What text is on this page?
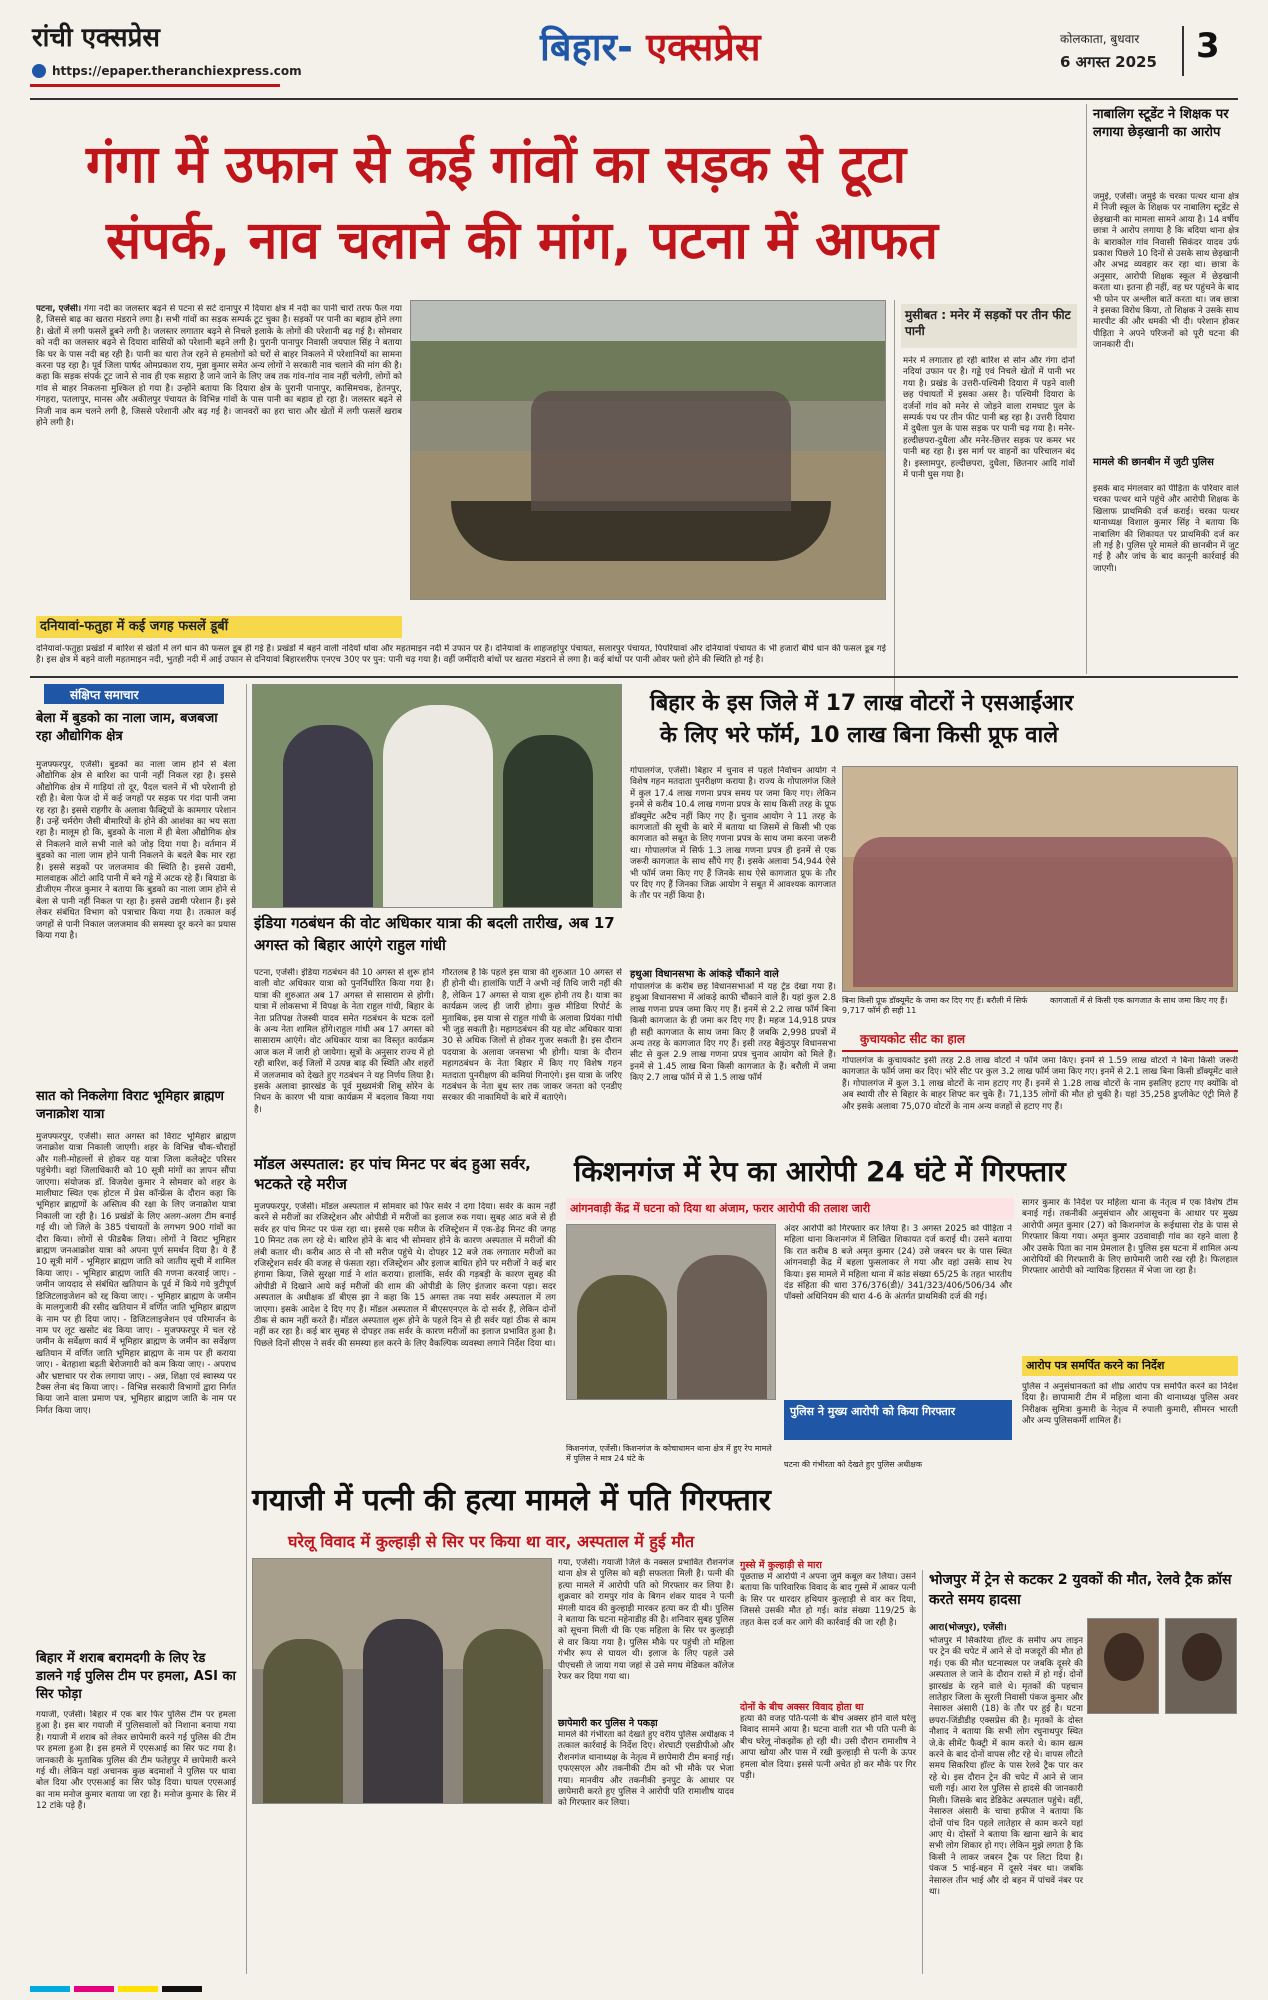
रांची एक्सप्रेस
https://epaper.theranchiexpress.com
बिहार- एक्सप्रेस	कोलकाता, बुधवार
6 अगस्त 2025 3
गंगा में उफान से कई गांवों का सड़क से टूटा
संपर्क, नाव चलाने की मांग, पटना में आफत
पटना, एजेंसी। गंगा नदी का जलस्तर बढ़ने से पटना से सटे दानापुर में दियारा क्षेत्र में नदी का पानी चारों तरफ फैल गया है, जिससे बाढ़ का खतरा मंडराने लगा है। सभी गांवों का सड़क सम्पर्क टूट चुका है। सड़कों पर पानी का बहाव होने लगा है। खेतों में लगी फसलें डूबने लगी है। जलस्तर लगातार बढ़ने से निचले इलाके के लोगों की परेशानी बढ़ गई है। सोमवार को नदी का जलस्तर बढ़ने से दियारा वासियों को परेशानी बढ़ने लगी है। पुरानी पानापुर निवासी जयपाल सिंह ने बताया कि घर के पास नदी बह रही है। पानी का धारा तेज रहने से हमलोगों को घरों से बाहर निकलने में परेशानियों का सामना करना पड़ रहा है। पूर्व जिला पार्षद ओमप्रकाश राय, मुन्ना कुमार समेत अन्य लोगों ने सरकारी नाव चलाने की मांग की है। कहा कि सड़क संपर्क टूट जाने से नाव ही एक सहारा है जाने जाने के लिए जब तक गांव-गांव नाव नहीं चलेगी, लोगों को गांव से बाहर निकलना मुश्किल हो गया है। उन्होंने बताया कि दियारा क्षेत्र के पुरानी पानापुर, कासिमचक, हेतनपुर, गंगहरा, पतलापुर, मानस और अकीलपुर पंचायत के विभिन्न गांवों के पास पानी का बहाव हो रहा है। जलस्तर बढ़ने से निजी नाव कम चलने लगी है, जिससे परेशानी और बढ़ गई है। जानवरों का हरा चारा और खेतों में लगी फसलें खराब होने लगी है।
दनियावां-फतुहा में कई जगह फसलें डूबीं
दनियावां-फतुहा प्रखंडों में बारिश से खेतों में लगे धान की फसल डूब ही गई है। प्रखंडों में बहने वाली नदियों धोवा और महतमाइन नदी में उफान पर है। दनियावां के शाहजहांपुर पंचायत, सलारपुर पंचायत, पिपरियावां और दनियावां पंचायत के भी हजारों बीघे धान की फसल डूब गई है। इस क्षेत्र में बहने वाली महतमाइन नदी, भुतही नदी में आई उफान से दनियावां बिहारशरीफ एनएच 30ए पर पुन: पानी चढ़ गया है। वहीं जमींदारी बांधों पर खतरा मंडराने से लगा है। कई बांधों पर पानी ओवर फ्लो होने की स्थिति हो गई है।
मुसीबत : मनेर में सड़कों पर तीन फीट पानी
मनेर में लगातार हो रही बारिश से सोन और गंगा दोनों नदियां उफान पर है। गड्ढे एवं निचले खेतों में पानी भर गया है। प्रखंड के उत्तरी-पश्चिमी दियारा में पड़ने वाली छह पंचायतों में इसका असर है। पश्चिमी दियारा के दर्जनों गांव को मनेर से जोड़ने वाला रामघाट पुल के सम्पर्क पथ पर तीन फीट पानी बह रहा है। उत्तरी दियारा में दुधैला पुल के पास सड़क पर पानी चढ़ गया है। मनेर-हल्दीछपरा-दुधैला और मनेर-छित्तर सड़क पर कमर भर पानी बह रहा है। इस मार्ग पर वाहनों का परिचालन बंद है। इस्लामपुर, हल्दीछपरा, दुधैला, छितनार आदि गांवों में पानी घुस गया है।
नाबालिग स्टूडेंट ने शिक्षक पर लगाया छेड़खानी का आरोप
जमुई, एजेंसी। जमुई के चरका पत्थर थाना क्षेत्र में निजी स्कूल के शिक्षक पर नाबालिग स्टूडेंट से छेड़खानी का मामला सामने आया है। 14 वर्षीय छात्रा ने आरोप लगाया है कि बदिया थाना क्षेत्र के बाराकोल गांव निवासी सिकंदर यादव उर्फ प्रकाश पिछले 10 दिनों से उसके साथ छेड़खानी और अभद्र व्यवहार कर रहा था। छात्रा के अनुसार, आरोपी शिक्षक स्कूल में छेड़खानी करता था। इतना ही नहीं, वह घर पहुंचने के बाद भी फोन पर अश्लील बातें करता था। जब छात्रा ने इसका विरोध किया, तो शिक्षक ने उसके साथ मारपीट की और धमकी भी दी। परेशान होकर पीड़िता ने अपने परिजनों को पूरी घटना की जानकारी दी।
मामले की छानबीन में जुटी पुलिस
इसके बाद मंगलवार को पीड़िता के परिवार वाले चरका पत्थर थाने पहुंचे और आरोपी शिक्षक के खिलाफ प्राथमिकी दर्ज कराई। चरका पत्थर थानाध्यक्ष विशाल कुमार सिंह ने बताया कि नाबालिग की शिकायत पर प्राथमिकी दर्ज कर ली गई है। पुलिस पूरे मामले की छानबीन में जुट गई है और जांच के बाद कानूनी कार्रवाई की जाएगी।
संक्षिप्त समाचार
बेला में बुडको का नाला जाम, बजबजा रहा औद्योगिक क्षेत्र
मुजफ्फरपुर, एजेंसी। बुडको का नाला जाम होने से बेला औद्योगिक क्षेत्र से बारिश का पानी नहीं निकल रहा है। इससे औद्योगिक क्षेत्र में गाड़ियां तो दूर, पैदल चलने में भी परेशानी हो रही है। बेला फेज दो में कई जगहों पर सड़क पर गंदा पानी जमा रह रहा है। इससे राहगीर के अलावा फैक्ट्रियों के कामगार परेशान हैं। उन्हें चर्मरोग जैसी बीमारियों के होने की आशंका का भय सता रहा है। मालूम हो कि, बुडको के नाला में ही बेला औद्योगिक क्षेत्र से निकलने वाले सभी नाले को जोड़ दिया गया है। वर्तमान में बुडको का नाला जाम होने पानी निकलने के बदले बैक मार रहा है। इससे सड़कों पर जलजमाव की स्थिति है। इससे उद्यमी, मालवाहक ऑटो आदि पानी में बने गड्ढे में अटक रहे हैं। बियाडा के डीजीएम नीरज कुमार ने बताया कि बुडको का नाला जाम होने से बेला से पानी नहीं निकल पा रहा है। इससे उद्यमी परेशान हैं। इसे लेकर संबंधित विभाग को पत्राचार किया गया है। तत्काल कई जगहों से पानी निकाल जलजमाव की समस्या दूर करने का प्रयास किया गया है।
सात को निकलेगा विराट भूमिहार ब्राह्मण जनाक्रोश यात्रा
मुजफ्फरपुर, एजेंसी। सात अगस्त को विराट भूमिहार ब्राह्मण जनाक्रोश यात्रा निकाली जाएगी। शहर के विभिन्न चौक-चौराहों और गली-मोहल्लों से होकर यह यात्रा जिला कलेक्ट्रेट परिसर पहुंचेगी। वहां जिलाधिकारी को 10 सूत्री मांगों का ज्ञापन सौंपा जाएगा। संयोजक डॉ. विजयेश कुमार ने सोमवार को शहर के मालीघाट स्थित एक होटल में प्रेस कॉन्फ्रेंस के दौरान कहा कि भूमिहार ब्राह्मणों के अस्तित्व की रक्षा के लिए जनाक्रोश यात्रा निकाली जा रही है। 16 प्रखंडों के लिए अलग-अलग टीम बनाई गई थी। जो जिले के 385 पंचायतों के लगभग 900 गांवों का दौरा किया। लोगों से फीडबैक लिया। लोगों ने विराट भूमिहार ब्राह्मण जनआक्रोश यात्रा को अपना पूर्ण समर्थन दिया है। ये हैं 10 सूत्री मांगें - भूमिहार ब्राह्मण जाति को जातीय सूची में शामिल किया जाए। - भूमिहार ब्राह्मण जाति की गणना करवाई जाए। - जमीन जायदाद से संबंधित खतियान के पूर्व में किये गये त्रुटीपूर्ण डिजिटलाइजेशन को रद्द किया जाए। - भूमिहार ब्राह्मण के जमीन के मालगुजारी की रसीद खतियान में वर्णित जाति भूमिहार ब्राह्मण के नाम पर ही दिया जाए। - डिजिटलाइजेशन एवं परिमार्जन के नाम पर लूट खसोट बंद किया जाए। - मुजफ्फरपुर में चल रहे जमीन के सर्वेक्षण कार्य में भूमिहार ब्राह्मण के जमीन का सर्वेक्षण खतियान में वर्णित जाति भूमिहार ब्राह्मण के नाम पर ही कराया जाए। - बेतहाशा बढ़ती बेरोजगारी को कम किया जाए। - अपराध और भ्रष्टाचार पर रोक लगाया जाए। - अन्न, शिक्षा एवं स्वास्थ्य पर टैक्स लेना बंद किया जाए। - विभिन्न सरकारी विभागों द्वारा निर्गत किया जाने वाला प्रमाण पत्र, भूमिहार ब्राह्मण जाति के नाम पर निर्गत किया जाए।
बिहार में शराब बरामदगी के लिए रेड डालने गई पुलिस टीम पर हमला, ASI का सिर फोड़ा
गयाजी, एजेंसी। बिहार में एक बार फिर पुलिस टीम पर हमला हुआ है। इस बार गयाजी में पुलिसवालों को निशाना बनाया गया है। गयाजी में शराब को लेकर छापेमारी करने गई पुलिस की टीम पर हमला हुआ है। इस हमले में एएसआई का सिर फट गया है। जानकारी के मुताबिक पुलिस की टीम फतेहपुर में छापेमारी करने गई थी। लेकिन यहां अचानक कुछ बदमाशों ने पुलिस पर धावा बोल दिया और एएसआई का सिर फोड़ दिया। घायल एएसआई का नाम मनोज कुमार बताया जा रहा है। मनोज कुमार के सिर में 12 टांके पड़े हैं।
इंडिया गठबंधन की वोट अधिकार यात्रा की बदली तारीख, अब 17 अगस्त को बिहार आएंगे राहुल गांधी
पटना, एजेंसी। इंडिया गठबंधन की 10 अगस्त से शुरू होने वाली वोट अधिकार यात्रा को पुनर्निर्धारित किया गया है। यात्रा की शुरुआत अब 17 अगस्त से सासाराम से होगी। यात्रा में लोकसभा में विपक्ष के नेता राहुल गांधी, बिहार के नेता प्रतिपक्ष तेजस्वी यादव समेत गठबंधन के घटक दलों के अन्य नेता शामिल होंगे।राहुल गांधी अब 17 अगस्त को सासाराम आएंगे। वोट अधिकार यात्रा का विस्तृत कार्यक्रम आज कल में जारी हो जायेगा। सूत्रों के अनुसार राज्य में हो रही बारिश, कई जिलों में उत्पन्न बाढ़ की स्थिति और शहरों में जलजमाव को देखते हुए गठबंधन ने यह निर्णय लिया है। इसके अलावा झारखंड के पूर्व मुख्यमंत्री शिबू सोरेन के निधन के कारण भी यात्रा कार्यक्रम में बदलाव किया गया है।
गौरतलब है कि पहले इस यात्रा की शुरुआत 10 अगस्त से ही होनी थी। हालांकि पार्टी ने अभी नई तिथि जारी नहीं की है, लेकिन 17 अगस्त से यात्रा शुरू होनी तय है। यात्रा का कार्यक्रम जल्द ही जारी होगा। कुछ मीडिया रिपोर्ट के मुताबिक, इस यात्रा से राहुल गांधी के अलावा प्रियंका गांधी भी जुड़ सकती है। महागठबंधन की यह वोट अधिकार यात्रा 30 से अधिक जिलों से होकर गुजर सकती है। इस दौरान पदयात्रा के अलावा जनसभा भी होगी। यात्रा के दौरान महागठबंधन के नेता बिहार में किए गए विशेष गहन मतदाता पुनरीक्षण की कमियां गिनाएंगे। इस यात्रा के जरिए गठबंधन के नेता बूथ स्तर तक जाकर जनता को एनडीए सरकार की नाकामियों के बारे में बताएंगे।
बिहार के इस जिले में 17 लाख वोटरों ने एसआईआर
के लिए भरे फॉर्म, 10 लाख बिना किसी प्रूफ वाले
गोपालगंज, एजेंसी। बिहार में चुनाव से पहले निर्वाचन आयोग ने विशेष गहन मतदाता पुनरीक्षण कराया है। राज्य के गोपालगंज जिले में कुल 17.4 लाख गणना प्रपत्र समय पर जमा किए गए। लेकिन इनमें से करीब 10.4 लाख गणना प्रपत्र के साथ किसी तरह के प्रूफ डॉक्यूमेंट अटैच नहीं किए गए हैं। चुनाव आयोग ने 11 तरह के कागजातों की सूची के बारे में बताया था जिसमें से किसी भी एक कागजात को सबूत के लिए गणना प्रपत्र के साथ जमा करना जरूरी था। गोपालगंज में सिर्फ 1.3 लाख गणना प्रपत्र ही इनमें से एक जरूरी कागजात के साथ सौंपे गए हैं। इसके अलावा 54,944 ऐसे भी फॉर्म जमा किए गए हैं जिनके साथ ऐसे कागजात प्रूफ के तौर पर दिए गए हैं जिनका जिक्र आयोग ने सबूत में आवश्यक कागजात के तौर पर नहीं किया है।
हथुआ विधानसभा के आंकड़े चौंकाने वाले
गोपालगंज के करीब छह विधानसभाओं में यह ट्रेंड देखा गया है। हथुआ विधानसभा में आंकड़े काफी चौंकाने वाले हैं। यहां कुल 2.8 लाख गणना प्रपत्र जमा किए गए हैं। इनमें से 2.2 लाख फॉर्म बिना किसी कागजात के ही जमा कर दिए गए हैं। महज 14,918 प्रपत्र ही सही कागजात के साथ जमा किए हैं जबकि 2,998 प्रपत्रों में अन्य तरह के कागजात दिए गए हैं। इसी तरह बैकुंठपुर विधानसभा सीट से कुल 2.9 लाख गणना प्रपत्र चुनाव आयोग को मिले हैं। इनमें से 1.45 लाख बिना किसी कागजात के हैं। बरौली में जमा किए 2.7 लाख फॉर्म में से 1.5 लाख फॉर्म
बिना किसी प्रूफ डॉक्यूमेंट के जमा कर दिए गए हैं। बरौली में सिर्फ 9,717 फॉर्म ही सही 11
कागजातों में से किसी एक कागजात के साथ जमा किए गए हैं।
कुचायकोट सीट का हाल
गोपालगंज के कुचायकोट इसी तरह 2.8 लाख वोटरों ने फॉर्म जमा किए। इनमें से 1.59 लाख वोटरों ने बिना किसी जरूरी कागजात के फॉर्म जमा कर दिए। भोरे सीट पर कुल 3.2 लाख फॉर्म जमा किए गए। इनमें से 2.1 लाख बिना किसी डॉक्यूमेंट वाले हैं। गोपालगंज में कुल 3.1 लाख वोटरों के नाम हटाए गए हैं। इनमें से 1.28 लाख वोटरों के नाम इसलिए हटाए गए क्योंकि वो अब स्थायी तौर से बिहार के बाहर शिफ्ट कर चुके हैं। 71,135 लोगों की मौत हो चुकी है। यहां 35,258 डुप्लीकेट एंट्री मिले हैं और इसके अलावा 75,070 वोटरों के नाम अन्य वजहों से हटाए गए हैं।
मॉडल अस्पताल: हर पांच मिनट पर बंद हुआ सर्वर, भटकते रहे मरीज
मुजफ्फरपुर, एजेंसी। मॉडल अस्पताल में सोमवार को फिर सर्वर ने दगा दिया। सर्वर के काम नहीं करने से मरीजों का रजिस्ट्रेशन और ओपीडी में मरीजों का इलाज रुक गया। सुबह आठ बजे से ही सर्वर हर पांच मिनट पर फंस रहा था। इससे एक मरीज के रजिस्ट्रेशन में एक-डेढ़ मिनट की जगह 10 मिनट तक लग रहे थे। बारिश होने के बाद भी सोमवार होने के कारण अस्पताल में मरीजों की लंबी कतार थी। करीब आठ से नौ सौ मरीज पहुंचे थे। दोपहर 12 बजे तक लगातार मरीजों का रजिस्ट्रेशन सर्वर की वजह से फंसता रहा। रजिस्ट्रेशन और इलाज बाधित होने पर मरीजों ने कई बार हंगामा किया, जिसे सुरक्षा गार्ड ने शांत कराया। हालांकि, सर्वर की गड़बड़ी के कारण सुबह की ओपीडी में दिखाने आये कई मरीजों की शाम की ओपीडी के लिए इंतजार करना पड़ा। सदर अस्पताल के अधीक्षक डॉ बीएस झा ने कहा कि 15 अगस्त तक नया सर्वर अस्पताल में लग जाएगा। इसके आदेश दे दिए गए हैं। मॉडल अस्पताल में बीएसएनएल के दो सर्वर हैं, लेकिन दोनों ठीक से काम नहीं करते हैं। मॉडल अस्पताल शुरू होने के पहले दिन से ही सर्वर यहां ठीक से काम नहीं कर रहा है। कई बार सुबह से दोपहर तक सर्वर के कारण मरीजों का इलाज प्रभावित हुआ है। पिछले दिनों सीएस ने सर्वर की समस्या हल करने के लिए वैकल्पिक व्यवस्था लगाने निर्देश दिया था।
किशनगंज में रेप का आरोपी 24 घंटे में गिरफ्तार
आंगनवाड़ी केंद्र में घटना को दिया था अंजाम, फरार आरोपी की तलाश जारी
अंदर आरोपी को गिरफ्तार कर लिया है। 3 अगस्त 2025 को पीड़िता ने महिला थाना किशनगंज में लिखित शिकायत दर्ज कराई थी। उसने बताया कि रात करीब 8 बजे अमृत कुमार (24) उसे जबरन घर के पास स्थित आंगनवाड़ी केंद्र में बहला फुसलाकर ले गया और वहां उसके साथ रेप किया। इस मामले में महिला थाना में कांड संख्या 65/25 के तहत भारतीय दंड संहिता की धारा 376/376(डी)/ 341/323/406/506/34 और पॉक्सो अधिनियम की धारा 4-6 के अंतर्गत प्राथमिकी दर्ज की गई।
पुलिस ने मुख्य आरोपी को किया गिरफ्तार
किशनगंज, एजेंसी। किशनगंज के कोचाधामन थाना क्षेत्र में हुए रेप मामले में पुलिस ने मात्र 24 घंटे के
घटना की गंभीरता को देखते हुए पुलिस अधीक्षक
सागर कुमार के निर्देश पर महिला थाना के नेतृत्व में एक विशेष टीम बनाई गई। तकनीकी अनुसंधान और आसूचना के आधार पर मुख्य आरोपी अमृत कुमार (27) को किशनगंज के रूईधासा रोड के पास से गिरफ्तार किया गया। अमृत कुमार उठवावाड़ी गांव का रहने वाला है और उसके पिता का नाम प्रेमलाल है। पुलिस इस घटना में शामिल अन्य आरोपियों की गिरफ्तारी के लिए छापेमारी जारी रख रही है। फिलहाल गिरफ्तार आरोपी को न्यायिक हिरासत में भेजा जा रहा है।
आरोप पत्र समर्पित करने का निर्देश
पुलिस ने अनुसंधानकर्ता को शीघ्र आरोप पत्र समर्पित करने का निर्देश दिया है। छापामारी टीम में महिला थाना की थानाध्यक्ष पुलिस अवर निरीक्षक सुमित्रा कुमारी के नेतृत्व में रुपाली कुमारी, सीमरन भारती और अन्य पुलिसकर्मी शामिल हैं।
गयाजी में पत्नी की हत्या मामले में पति गिरफ्तार
घरेलू विवाद में कुल्हाड़ी से सिर पर किया था वार, अस्पताल में हुई मौत
गया, एजेंसी। गयाजी जिले के नक्सल प्रभावित रौशनगंज थाना क्षेत्र से पुलिस को बड़ी सफलता मिली है। पत्नी की हत्या मामले में आरोपी पति को गिरफ्तार कर लिया है। शुक्रवार को रामपुर गांव के बिगन शंकर यादव ने पत्नी मंगली यादव की कुल्हाड़ी मारकर हत्या कर दी थी। पुलिस ने बताया कि घटना महेनाडीह की है। शनिवार सुबह पुलिस को सूचना मिली थी कि एक महिला के सिर पर कुल्हाड़ी से वार किया गया है। पुलिस मौके पर पहुंची तो महिला गंभीर रूप से घायल थी। इलाज के लिए पहले उसे पीएचसी ले जाया गया जहां से उसे मगध मेडिकल कॉलेज रेफर कर दिया गया था।
छापेमारी कर पुलिस ने पकड़ा
मामले की गंभीरता को देखते हुए वरीय पुलिस अधीक्षक ने तत्काल कार्रवाई के निर्देश दिए। शेरघाटी एसडीपीओ और रौशनगंज थानाध्यक्ष के नेतृत्व में छापेमारी टीम बनाई गई। एफएसएल और तकनीकी टीम को भी मौके पर भेजा गया। मानवीय और तकनीकी इनपुट के आधार पर छापेमारी करते हुए पुलिस ने आरोपी पति रामाशीष यादव को गिरफ्तार कर लिया।
गुस्से में कुल्हाड़ी से मारा
पूछताछ में आरोपी ने अपना जुर्म कबूल कर लिया। उसने बताया कि पारिवारिक विवाद के बाद गुस्से में आकर पत्नी के सिर पर धारदार हथियार कुल्हाड़ी से वार कर दिया, जिससे उसकी मौत हो गई। कांड संख्या 119/25 के तहत केस दर्ज कर आगे की कार्रवाई की जा रही है।
दोनों के बीच अक्सर विवाद होता था
हत्या की वजह पति-पत्नी के बीच अक्सर होने वाले घरेलू विवाद सामने आया है। घटना वाली रात भी पति पत्नी के बीच घरेलू नोकझोंक हो रही थी। उसी दौरान रामाशीष ने आपा खोया और पास में रखी कुल्हाड़ी से पत्नी के ऊपर हमला बोल दिया। इससे पत्नी अचेत हो कर मौके पर गिर पड़ी।
भोजपुर में ट्रेन से कटकर 2 युवकों की मौत, रेलवे ट्रैक क्रॉस करते समय हादसा
आरा(भोजपुर), एजेंसी।
भोजपुर में सिकरिया हॉल्ट के समीप अप लाइन पर ट्रेन की चपेट में आने से दो मजदूरों की मौत हो गई। एक की मौत घटनास्थल पर जबकि दूसरे की अस्पताल ले जाने के दौरान रास्ते में हो गई। दोनों झारखंड के रहने वाले थे। मृतकों की पहचान लातेहार जिला के सुरली निवासी पंकज कुमार और नेसारुल अंसारी (18) के तौर पर हुई है। घटना छपरा-जिंडीडीह एक्सप्रेस की है। मृतकों के दोस्त नौशाद ने बताया कि सभी लोग रघुनाथपुर स्थित जे.के सीमेंट फैक्ट्री में काम करते थे। काम खत्म करने के बाद दोनों वापस लौट रहे थे। वापस लौटते समय सिकरिया हॉल्ट के पास रेलवे ट्रैक पार कर रहे थे। इस दौरान ट्रेन की चपेट में आने से जान चली गई। आरा रेल पुलिस से हादसे की जानकारी मिली। जिसके बाद डेडिकेट अस्पताल पहुंचे। वहीं, नेसारुल अंसारी के चाचा हफीज ने बताया कि दोनों पांच दिन पहले लातेहार से काम करने यहां आए थे। दोस्तों ने बताया कि खाना खाने के बाद सभी लोग शिकार हो गए। लेकिन मुझे लगता है कि किसी ने लाकर जबरन ट्रैक पर लिटा दिया है। पंकज 5 भाई-बहन में दूसरे नंबर था। जबकि नेसारुल तीन भाई और दो बहन में पांचवें नंबर पर था।
